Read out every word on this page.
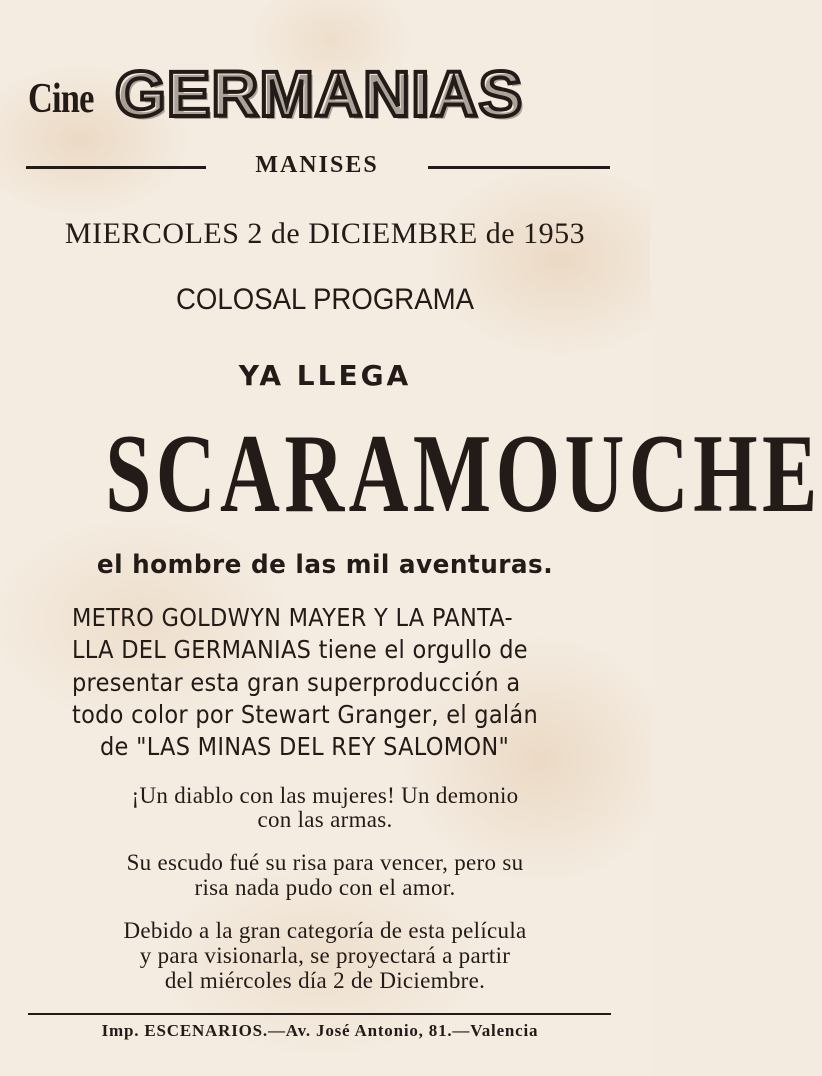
Cine GERMANIAS
MANISES
MIERCOLES 2 de DICIEMBRE de 1953
COLOSAL PROGRAMA
YA LLEGA
SCARAMOUCHE
el hombre de las mil aventuras.
METRO GOLDWYN MAYER Y LA PANTA-
LLA DEL GERMANIAS tiene el orgullo de
presentar esta gran superproducción a
todo color por Stewart Granger, el galán
de "LAS MINAS DEL REY SALOMON"
¡Un diablo con las mujeres! Un demonio
con las armas.
Su escudo fué su risa para vencer, pero su
risa nada pudo con el amor.
Debido a la gran categoría de esta película
y para visionarla, se proyectará a partir
del miércoles día 2 de Diciembre.
Imp. ESCENARIOS.—Av. José Antonio, 81.—Valencia
